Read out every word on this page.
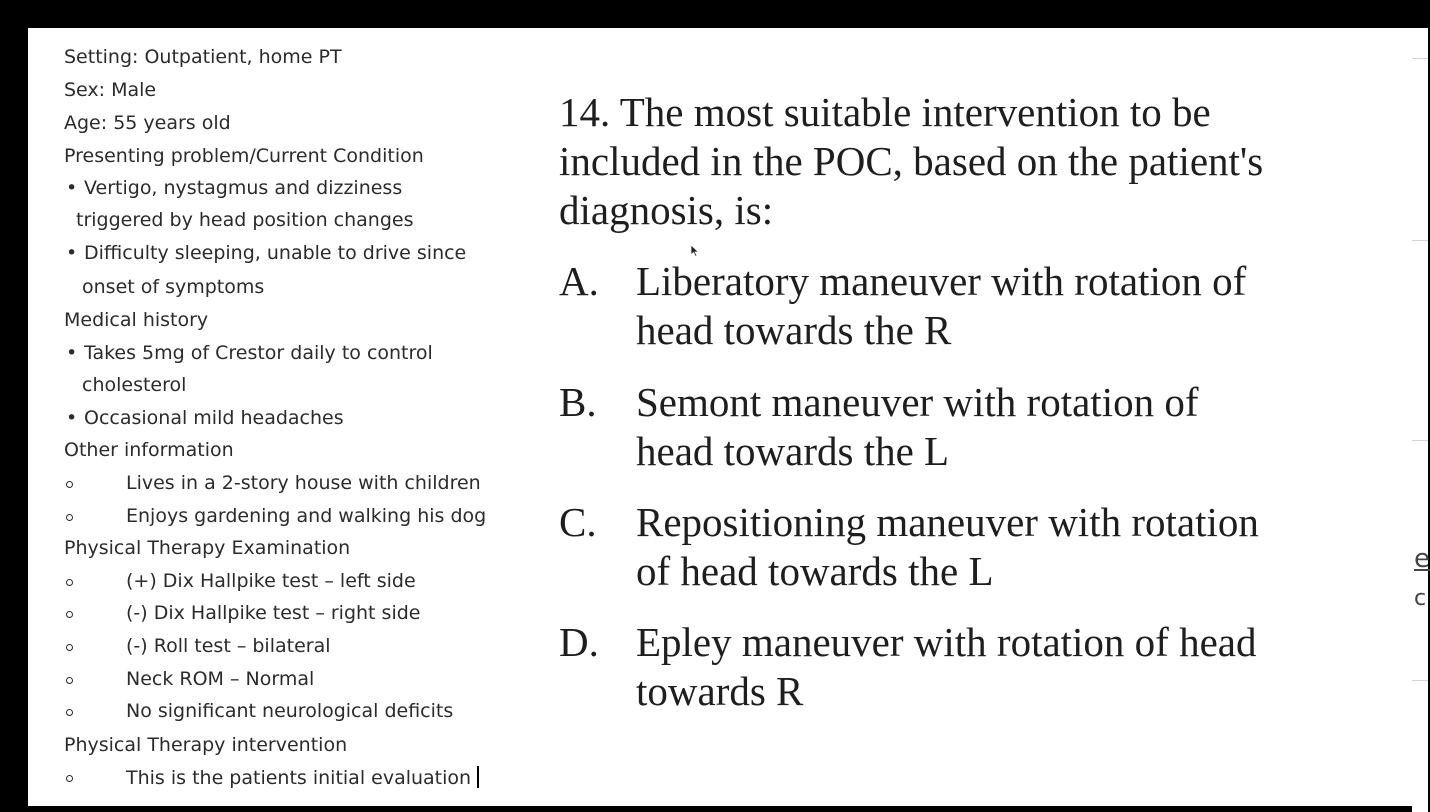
e
c
Setting: Outpatient, home PT
Sex: Male
Age: 55 years old
Presenting problem/Current Condition
• Vertigo, nystagmus and dizziness
triggered by head position changes
• Difficulty sleeping, unable to drive since
onset of symptoms
Medical history
• Takes 5mg of Crestor daily to control
cholesterol
• Occasional mild headaches
Other information
Lives in a 2-story house with children
Enjoys gardening and walking his dog
Physical Therapy Examination
(+) Dix Hallpike test – left side
(-) Dix Hallpike test – right side
(-) Roll test – bilateral
Neck ROM – Normal
No significant neurological deficits
Physical Therapy intervention
This is the patients initial evaluation
14. The most suitable intervention to be
included in the POC, based on the patient's
diagnosis, is:
A. Liberatory maneuver with rotation of
head towards the R
B. Semont maneuver with rotation of
head towards the L
C. Repositioning maneuver with rotation
of head towards the L
D. Epley maneuver with rotation of head
towards R
